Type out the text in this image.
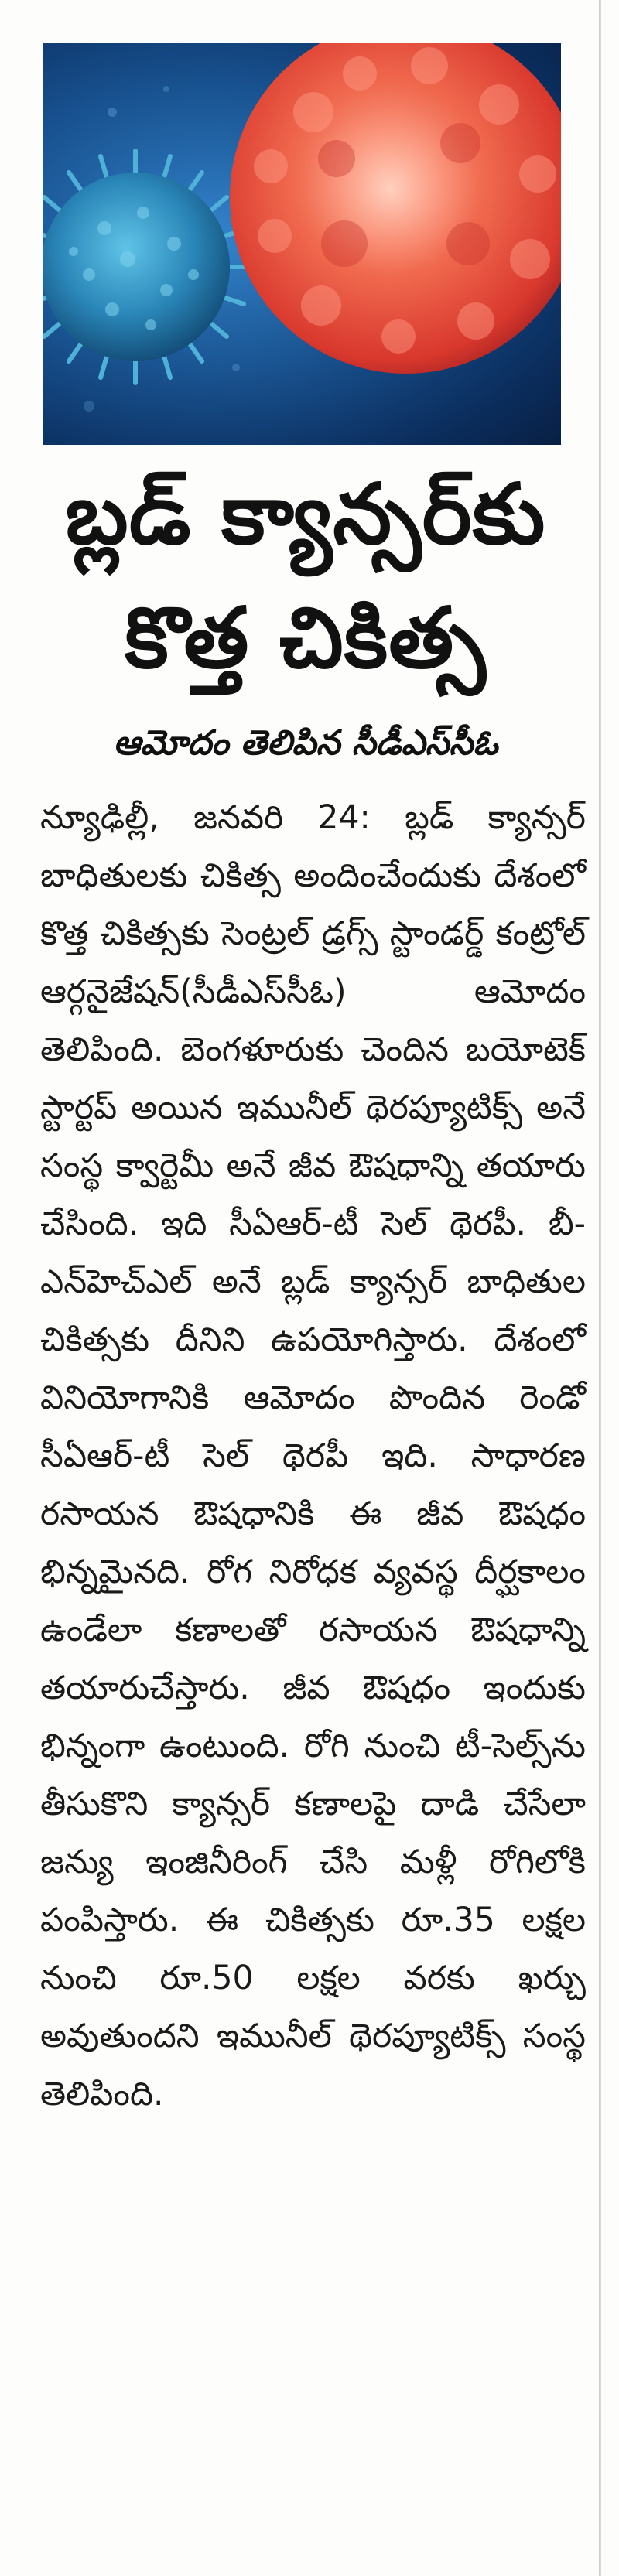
బ్లడ్ క్యాన్సర్‌కు
కొత్త చికిత్స
ఆమోదం తెలిపిన సీడీఎస్‌సీఓ

న్యూఢిల్లీ, జనవరి 24: బ్లడ్ క్యాన్సర్ బాధితులకు చికిత్స అందించేందుకు దేశంలో కొత్త చికిత్సకు సెంట్రల్ డ్రగ్స్ స్టాండర్డ్ కంట్రోల్ ఆర్గనైజేషన్(సీడీఎస్‌సీఓ) ఆమోదం తెలిపింది. బెంగళూరుకు చెందిన బయోటెక్ స్టార్టప్ అయిన ఇమునీల్ థెరప్యూటిక్స్ అనే సంస్థ క్వార్టెమీ అనే జీవ ఔషధాన్ని తయారు చేసింది. ఇది సీఏఆర్-టీ సెల్ థెరపీ. బీ-ఎన్‌హెచ్‌ఎల్ అనే బ్లడ్ క్యాన్సర్ బాధితుల చికిత్సకు దీనిని ఉపయోగిస్తారు. దేశంలో వినియోగానికి ఆమోదం పొందిన రెండో సీఏఆర్-టీ సెల్ థెరపీ ఇది. సాధారణ రసాయన ఔషధానికి ఈ జీవ ఔషధం భిన్నమైనది. రోగ నిరోధక వ్యవస్థ దీర్ఘకాలం ఉండేలా కణాలతో రసాయన ఔషధాన్ని తయారుచేస్తారు. జీవ ఔషధం ఇందుకు భిన్నంగా ఉంటుంది. రోగి నుంచి టీ-సెల్స్‌ను తీసుకొని క్యాన్సర్ కణాలపై దాడి చేసేలా జన్యు ఇంజినీరింగ్ చేసి మళ్లీ రోగిలోకి పంపిస్తారు. ఈ చికిత్సకు రూ.35 లక్షల నుంచి రూ.50 లక్షల వరకు ఖర్చు అవుతుందని ఇమునీల్ థెరప్యూటిక్స్ సంస్థ తెలిపింది.
